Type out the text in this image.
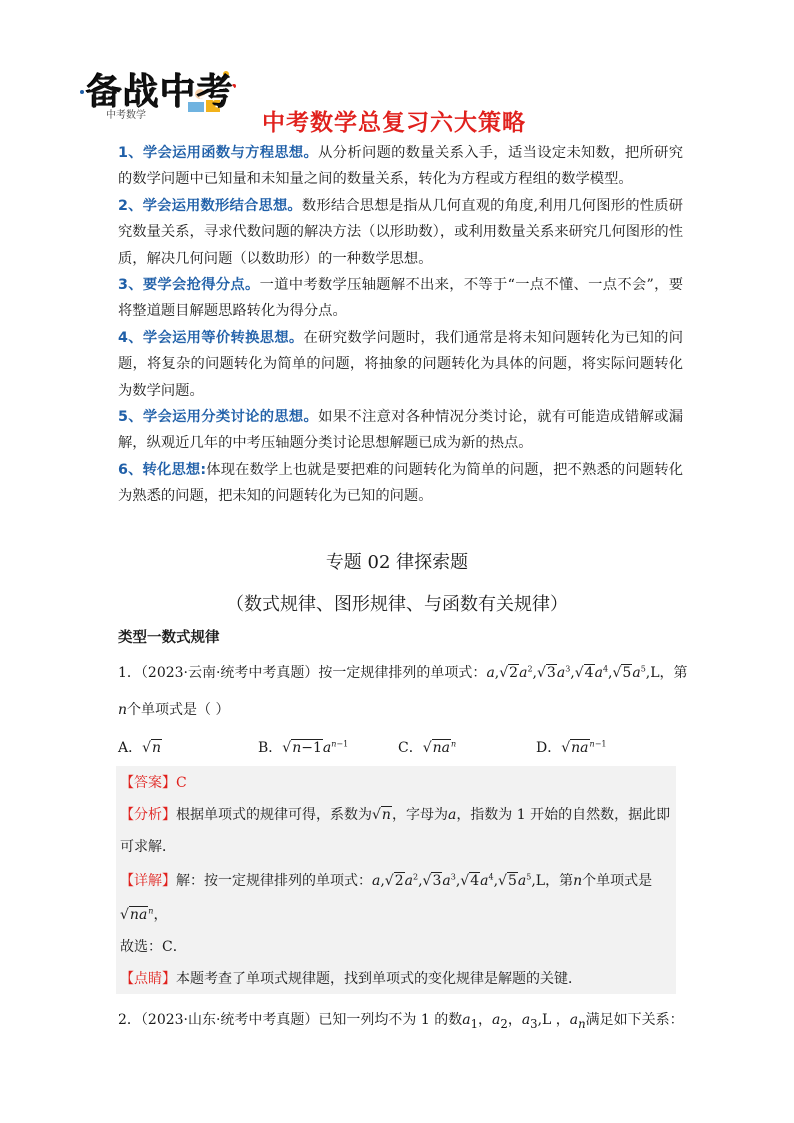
备战中考
中考数学	中考数学总复习六大策略

1、学会运用函数与方程思想。从分析问题的数量关系入手，适当设定未知数，把所研究的数学问题中已知量和未知量之间的数量关系，转化为方程或方程组的数学模型。

2、学会运用数形结合思想。数形结合思想是指从几何直观的角度,利用几何图形的性质研究数量关系，寻求代数问题的解决方法（以形助数），或利用数量关系来研究几何图形的性质，解决几何问题（以数助形）的一种数学思想。

3、要学会抢得分点。一道中考数学压轴题解不出来，不等于“一点不懂、一点不会”，要将整道题目解题思路转化为得分点。

4、学会运用等价转换思想。在研究数学问题时，我们通常是将未知问题转化为已知的问题，将复杂的问题转化为简单的问题，将抽象的问题转化为具体的问题，将实际问题转化为数学问题。

5、学会运用分类讨论的思想。如果不注意对各种情况分类讨论，就有可能造成错解或漏解，纵观近几年的中考压轴题分类讨论思想解题已成为新的热点。

6、转化思想:体现在数学上也就是要把难的问题转化为简单的问题，把不熟悉的问题转化为熟悉的问题，把未知的问题转化为已知的问题。

专题 02 律探索题
（数式规律、图形规律、与函数有关规律）
类型一数式规律
1．（2023·云南·统考中考真题）按一定规律排列的单项式：$a,√2a^2,√3a^3,√4a^4,√5a^5,L$，第
n个单项式是（ ）
A．√n	B．$√n-1a^{n-1}$	C．$√na^n$	D．$√na^{n-1}$
【答案】C
【分析】根据单项式的规律可得，系数为√n，字母为a，指数为 1 开始的自然数，据此即
可求解．
【详解】解：按一定规律排列的单项式：$a,√2a^2,√3a^3,√4a^4,√5a^5,L$，第n个单项式是
$√na^n$，
故选：C．
【点睛】本题考查了单项式规律题，找到单项式的变化规律是解题的关键．
2．（2023·山东·统考中考真题）已知一列均不为 1 的数$a_1$，$a_2$，$a_3,L$ ，$a_n$满足如下关系：
